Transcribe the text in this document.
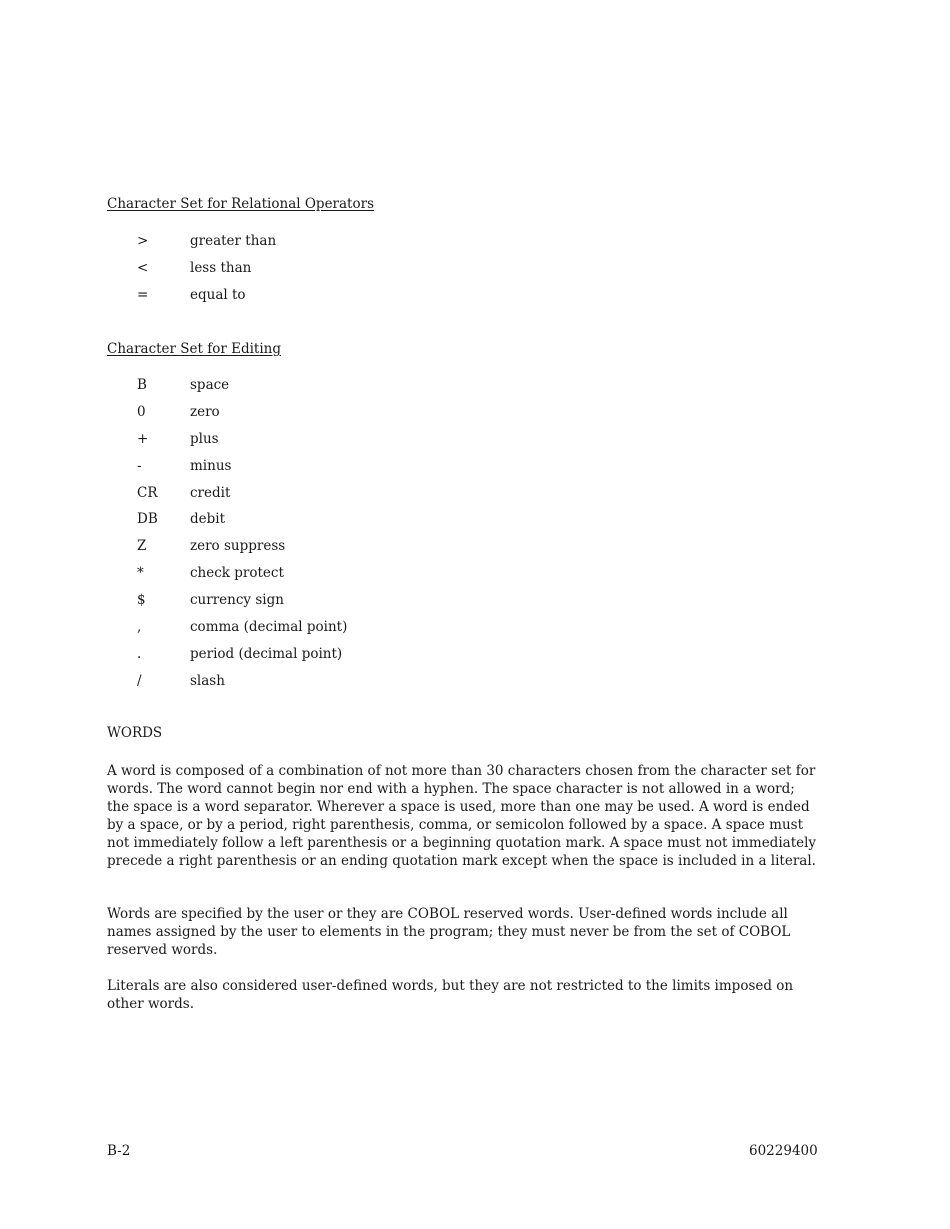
Character Set for Relational Operators
>	greater than
<	less than
=	equal to
Character Set for Editing
B	space
0	zero
+	plus
-	minus
CR	credit
DB	debit
Z	zero suppress
*	check protect
$	currency sign
,	comma (decimal point)
.	period (decimal point)
/	slash
WORDS

A word is composed of a combination of not more than 30 characters chosen from the character set for words. The word cannot begin nor end with a hyphen. The space character is not allowed in a word; the space is a word separator. Wherever a space is used, more than one may be used. A word is ended by a space, or by a period, right parenthesis, comma, or semicolon followed by a space. A space must not immediately follow a left parenthesis or a beginning quotation mark. A space must not immediately precede a right parenthesis or an ending quotation mark except when the space is included in a literal.

Words are specified by the user or they are COBOL reserved words. User-defined words include all names assigned by the user to elements in the program; they must never be from the set of COBOL reserved words.

Literals are also considered user-defined words, but they are not restricted to the limits imposed on other words.

B-2	60229400
